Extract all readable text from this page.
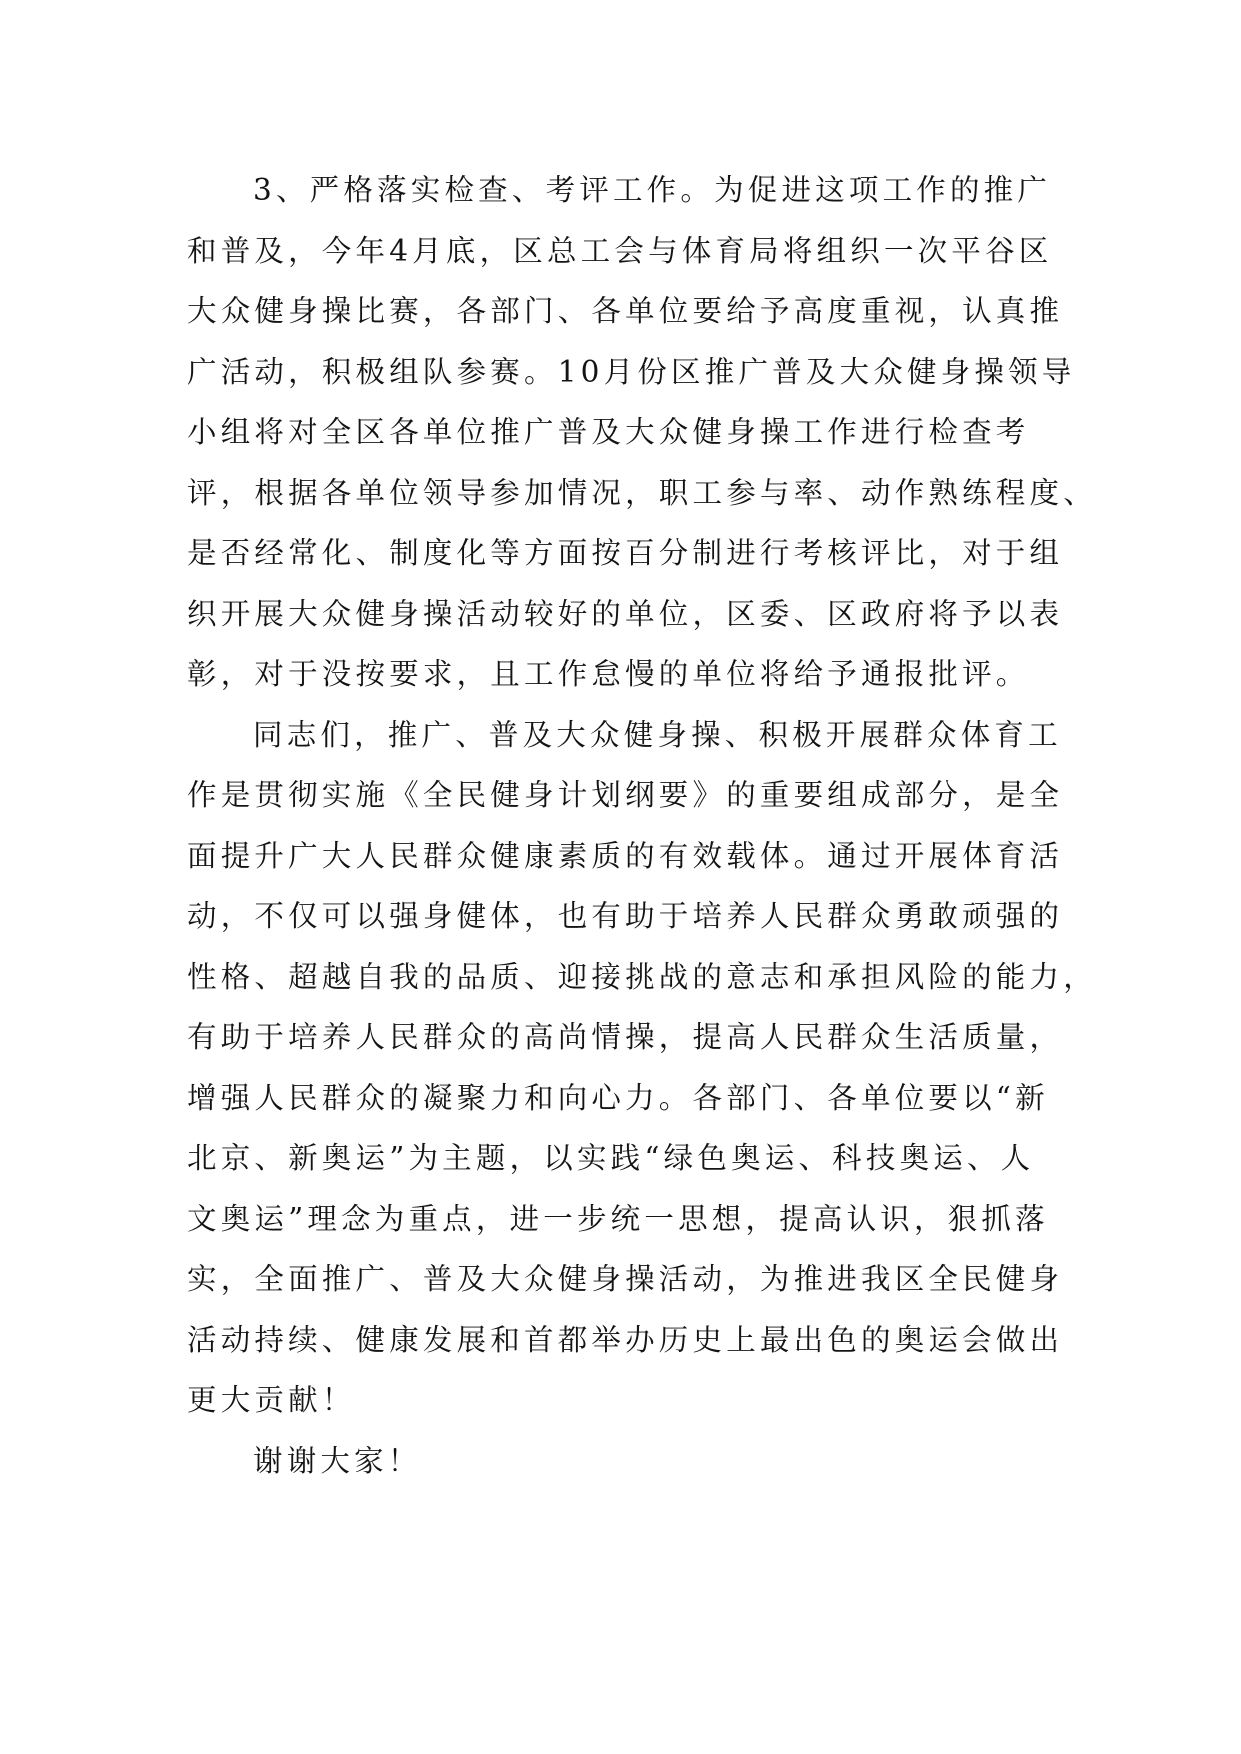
3、严格落实检查、考评工作。为促进这项工作的推广
和普及，今年4月底，区总工会与体育局将组织一次平谷区
大众健身操比赛，各部门、各单位要给予高度重视，认真推
广活动，积极组队参赛。10月份区推广普及大众健身操领导
小组将对全区各单位推广普及大众健身操工作进行检查考
评，根据各单位领导参加情况，职工参与率、动作熟练程度、
是否经常化、制度化等方面按百分制进行考核评比，对于组
织开展大众健身操活动较好的单位，区委、区政府将予以表
彰，对于没按要求，且工作怠慢的单位将给予通报批评。
同志们，推广、普及大众健身操、积极开展群众体育工
作是贯彻实施《全民健身计划纲要》的重要组成部分，是全
面提升广大人民群众健康素质的有效载体。通过开展体育活
动，不仅可以强身健体，也有助于培养人民群众勇敢顽强的
性格、超越自我的品质、迎接挑战的意志和承担风险的能力，
有助于培养人民群众的高尚情操，提高人民群众生活质量，
增强人民群众的凝聚力和向心力。各部门、各单位要以“新
北京、新奥运”为主题，以实践“绿色奥运、科技奥运、人
文奥运”理念为重点，进一步统一思想，提高认识，狠抓落
实，全面推广、普及大众健身操活动，为推进我区全民健身
活动持续、健康发展和首都举办历史上最出色的奥运会做出
更大贡献！
谢谢大家！
